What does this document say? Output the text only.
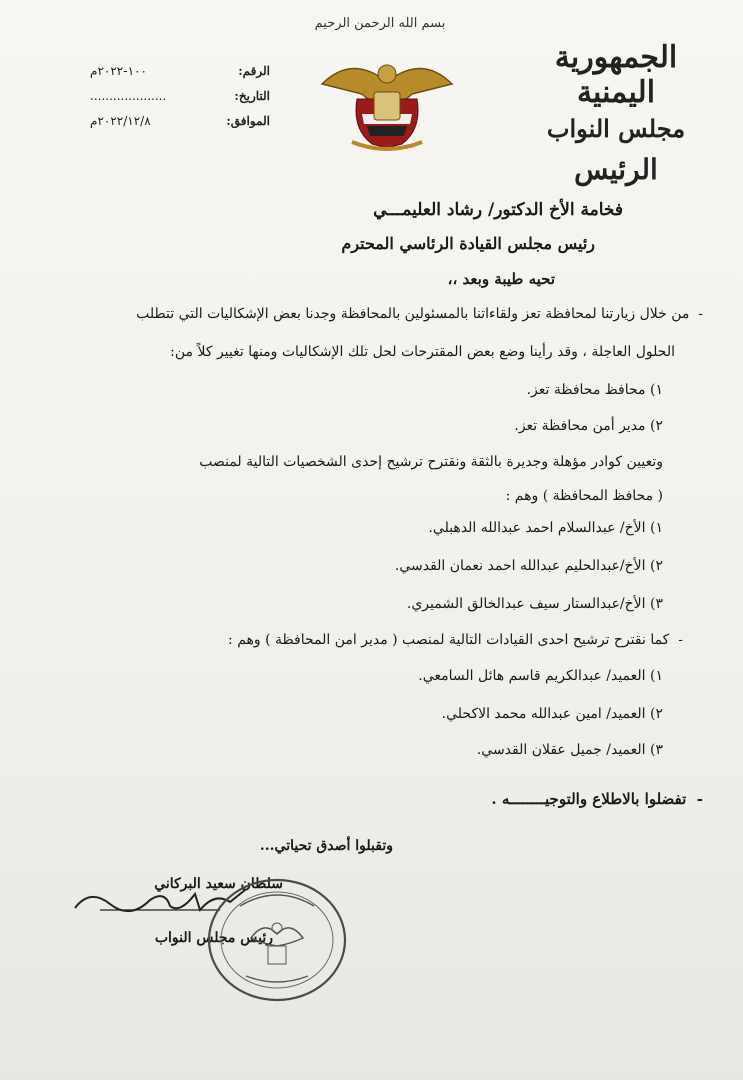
الجمهورية اليمنية
مجلس النواب
الرئيس
بسم الله الرحمن الرحيم
الرقم:
١٠٠-٢٠٢٢م
التاريخ:
....................
الموافق:
٢٠٢٢/١٢/٨م
فخامة الأخ الدكتور/ رشاد العليمـــي
رئيس مجلس القيادة الرئاسي المحترم
تحيه طيبة وبعد ،،
-  من خلال زيارتنا لمحافظة تعز ولقاءاتنا بالمسئولين بالمحافظة وجدنا بعض الإشكاليات التي تتطلب
الحلول العاجلة ، وقد رأينا وضع بعض المقترحات لحل تلك الإشكاليات ومنها تغيير كلاً من:
١) محافظ محافظة تعز.
٢) مدير أمن محافظة تعز.
وتعيين كوادر مؤهلة وجديرة بالثقة ونقترح ترشيح إحدى الشخصيات التالية لمنصب
( محافظ المحافظة ) وهم :
١) الأخ/ عبدالسلام احمد عبدالله الدهبلي.
٢) الأخ/عبدالحليم عبدالله احمد نعمان القدسي.
٣) الأخ/عبدالستار سيف عبدالخالق الشميري.
-  كما نقترح ترشيح احدى القيادات التالية لمنصب ( مدير امن المحافظة ) وهم :
١) العميد/ عبدالكريم قاسم هائل السامعي.
٢) العميد/ امين عبدالله محمد الاكحلي.
٣) العميد/ جميل عقلان القدسي.
-  تفضلوا بالاطلاع والتوجيــــــــه .
وتقبلوا أصدق تحياتي...
سلطان سعيد البركاني
رئيس مجلس النواب
